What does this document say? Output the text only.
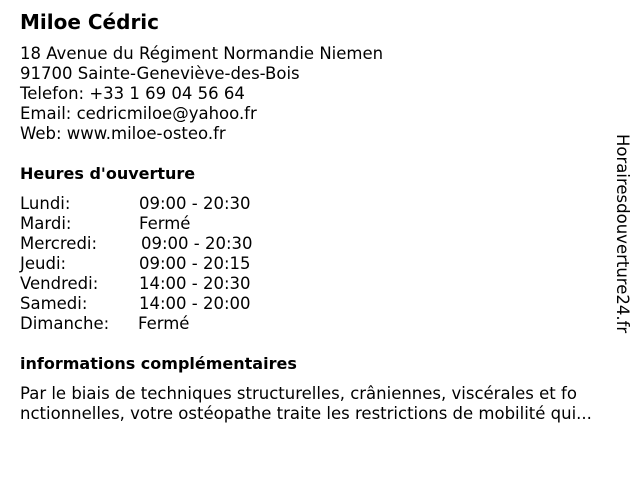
Miloe Cédric
18 Avenue du Régiment Normandie Niemen
91700 Sainte-Geneviève-des-Bois
Telefon: +33 1 69 04 56 64
Email: cedricmiloe@yahoo.fr
Web: www.miloe-osteo.fr
Heures d'ouverture
Lundi:	09:00 - 20:30
Mardi:	Fermé
Mercredi:	09:00 - 20:30
Jeudi:	09:00 - 20:15
Vendredi: 14:00 - 20:30
Samedi:	14:00 - 20:00
Dimanche: Fermé
informations complémentaires
Par le biais de techniques structurelles, crâniennes, viscérales et fo
nctionnelles, votre ostéopathe traite les restrictions de mobilité qui...
Horairesdouverture24.fr
